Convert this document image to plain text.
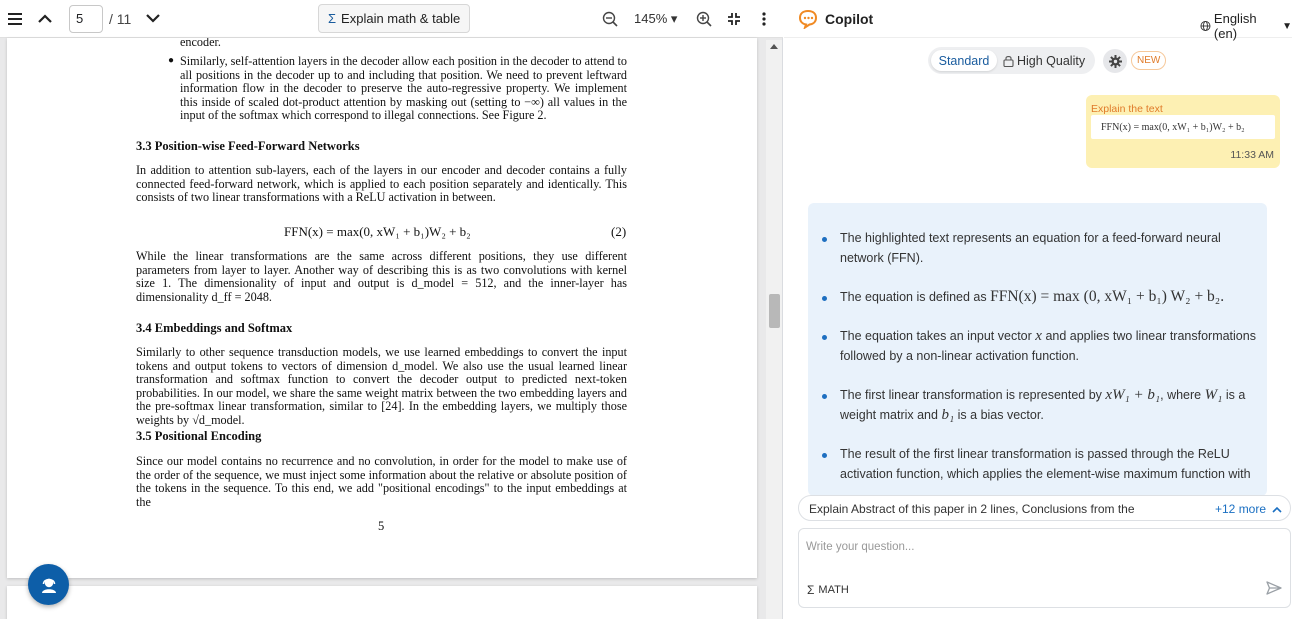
5	/ 11	Σ Explain math & table	145% ▾
encoder.
● Similarly, self-attention layers in the decoder allow each position in the decoder to attend to all positions in the decoder up to and including that position. We need to prevent leftward information flow in the decoder to preserve the auto-regressive property. We implement this inside of scaled dot-product attention by masking out (setting to −∞) all values in the input of the softmax which correspond to illegal connections. See Figure 2.
3.3 Position-wise Feed-Forward Networks
In addition to attention sub-layers, each of the layers in our encoder and decoder contains a fully connected feed-forward network, which is applied to each position separately and identically. This consists of two linear transformations with a ReLU activation in between.
FFN(x) = max(0, xW₁ + b₁)W₂ + b₂	(2)
While the linear transformations are the same across different positions, they use different parameters from layer to layer. Another way of describing this is as two convolutions with kernel size 1. The dimensionality of input and output is d_model = 512, and the inner-layer has dimensionality d_ff = 2048.
3.4 Embeddings and Softmax
Similarly to other sequence transduction models, we use learned embeddings to convert the input tokens and output tokens to vectors of dimension d_model. We also use the usual learned linear transformation and softmax function to convert the decoder output to predicted next-token probabilities. In our model, we share the same weight matrix between the two embedding layers and the pre-softmax linear transformation, similar to [24]. In the embedding layers, we multiply those weights by √d_model.
3.5 Positional Encoding
Since our model contains no recurrence and no convolution, in order for the model to make use of the order of the sequence, we must inject some information about the relative or absolute position of the tokens in the sequence. To this end, we add "positional encodings" to the input embeddings at the
5
Copilot	English (en)	▼
Standard	High Quality	NEW
Explain the text
FFN(x) = max(0, xW₁ + b₁)W₂ + b₂
11:33 AM
The highlighted text represents an equation for a feed-forward neural network (FFN).
The equation is defined as FFN(x) = max (0, xW₁ + b₁) W₂ + b₂.
The equation takes an input vector x and applies two linear transformations followed by a non-linear activation function.
The first linear transformation is represented by xW₁ + b₁, where W₁ is a weight matrix and b₁ is a bias vector.
The result of the first linear transformation is passed through the ReLU activation function, which applies the element-wise maximum function with
Explain Abstract of this paper in 2 lines, Conclusions from the	+12 more
Write your question...
Σ MATH
